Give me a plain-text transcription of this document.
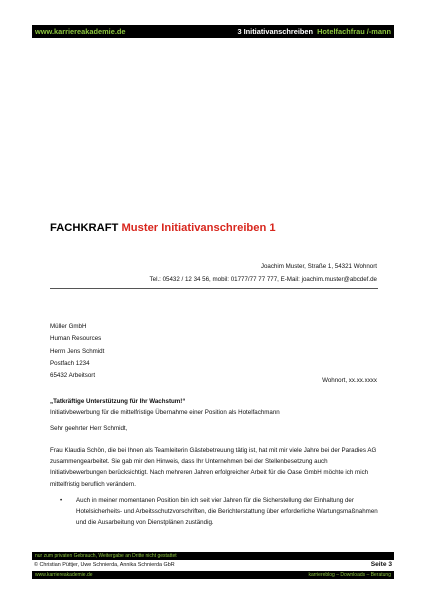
www.karriereakademie.de	3 Initiativanschreiben Hotelfachfrau /-mann
FACHKRAFT Muster Initiativanschreiben 1
Joachim Muster, Straße 1, 54321 Wohnort
Tel.: 05432 / 12 34 56, mobil: 01777/77 77 777, E-Mail: joachim.muster@abcdef.de
Müller GmbH
Human Resources
Herrn Jens Schmidt
Postfach 1234
65432 Arbeitsort
Wohnort, xx.xx.xxxx
„Tatkräftige Unterstützung für Ihr Wachstum!“
Initiativbewerbung für die mittelfristige Übernahme einer Position als Hotelfachmann
Sehr geehrter Herr Schmidt,
Frau Klaudia Schön, die bei Ihnen als Teamleiterin Gästebetreuung tätig ist, hat mit mir viele Jahre bei der Paradies AG zusammengearbeitet. Sie gab mir den Hinweis, dass Ihr Unternehmen bei der Stellenbesetzung auch Initiativbewerbungen berücksichtigt. Nach mehreren Jahren erfolgreicher Arbeit für die Oase GmbH möchte ich mich mittelfristig beruflich verändern.
•	Auch in meiner momentanen Position bin ich seit vier Jahren für die Sicherstellung der Einhaltung der Hotelsicherheits- und Arbeitsschutzvorschriften, die Berichterstattung über erforderliche Wartungsmaßnahmen und die Ausarbeitung von Dienstplänen zuständig.
nur zum privaten Gebrauch, Weitergabe an Dritte nicht gestattet
© Christian Püttjer, Uwe Schnierda, Annika Schnierda GbR	Seite 3
www.karriereakademie.de	karriereblog – Downloads – Beratung
